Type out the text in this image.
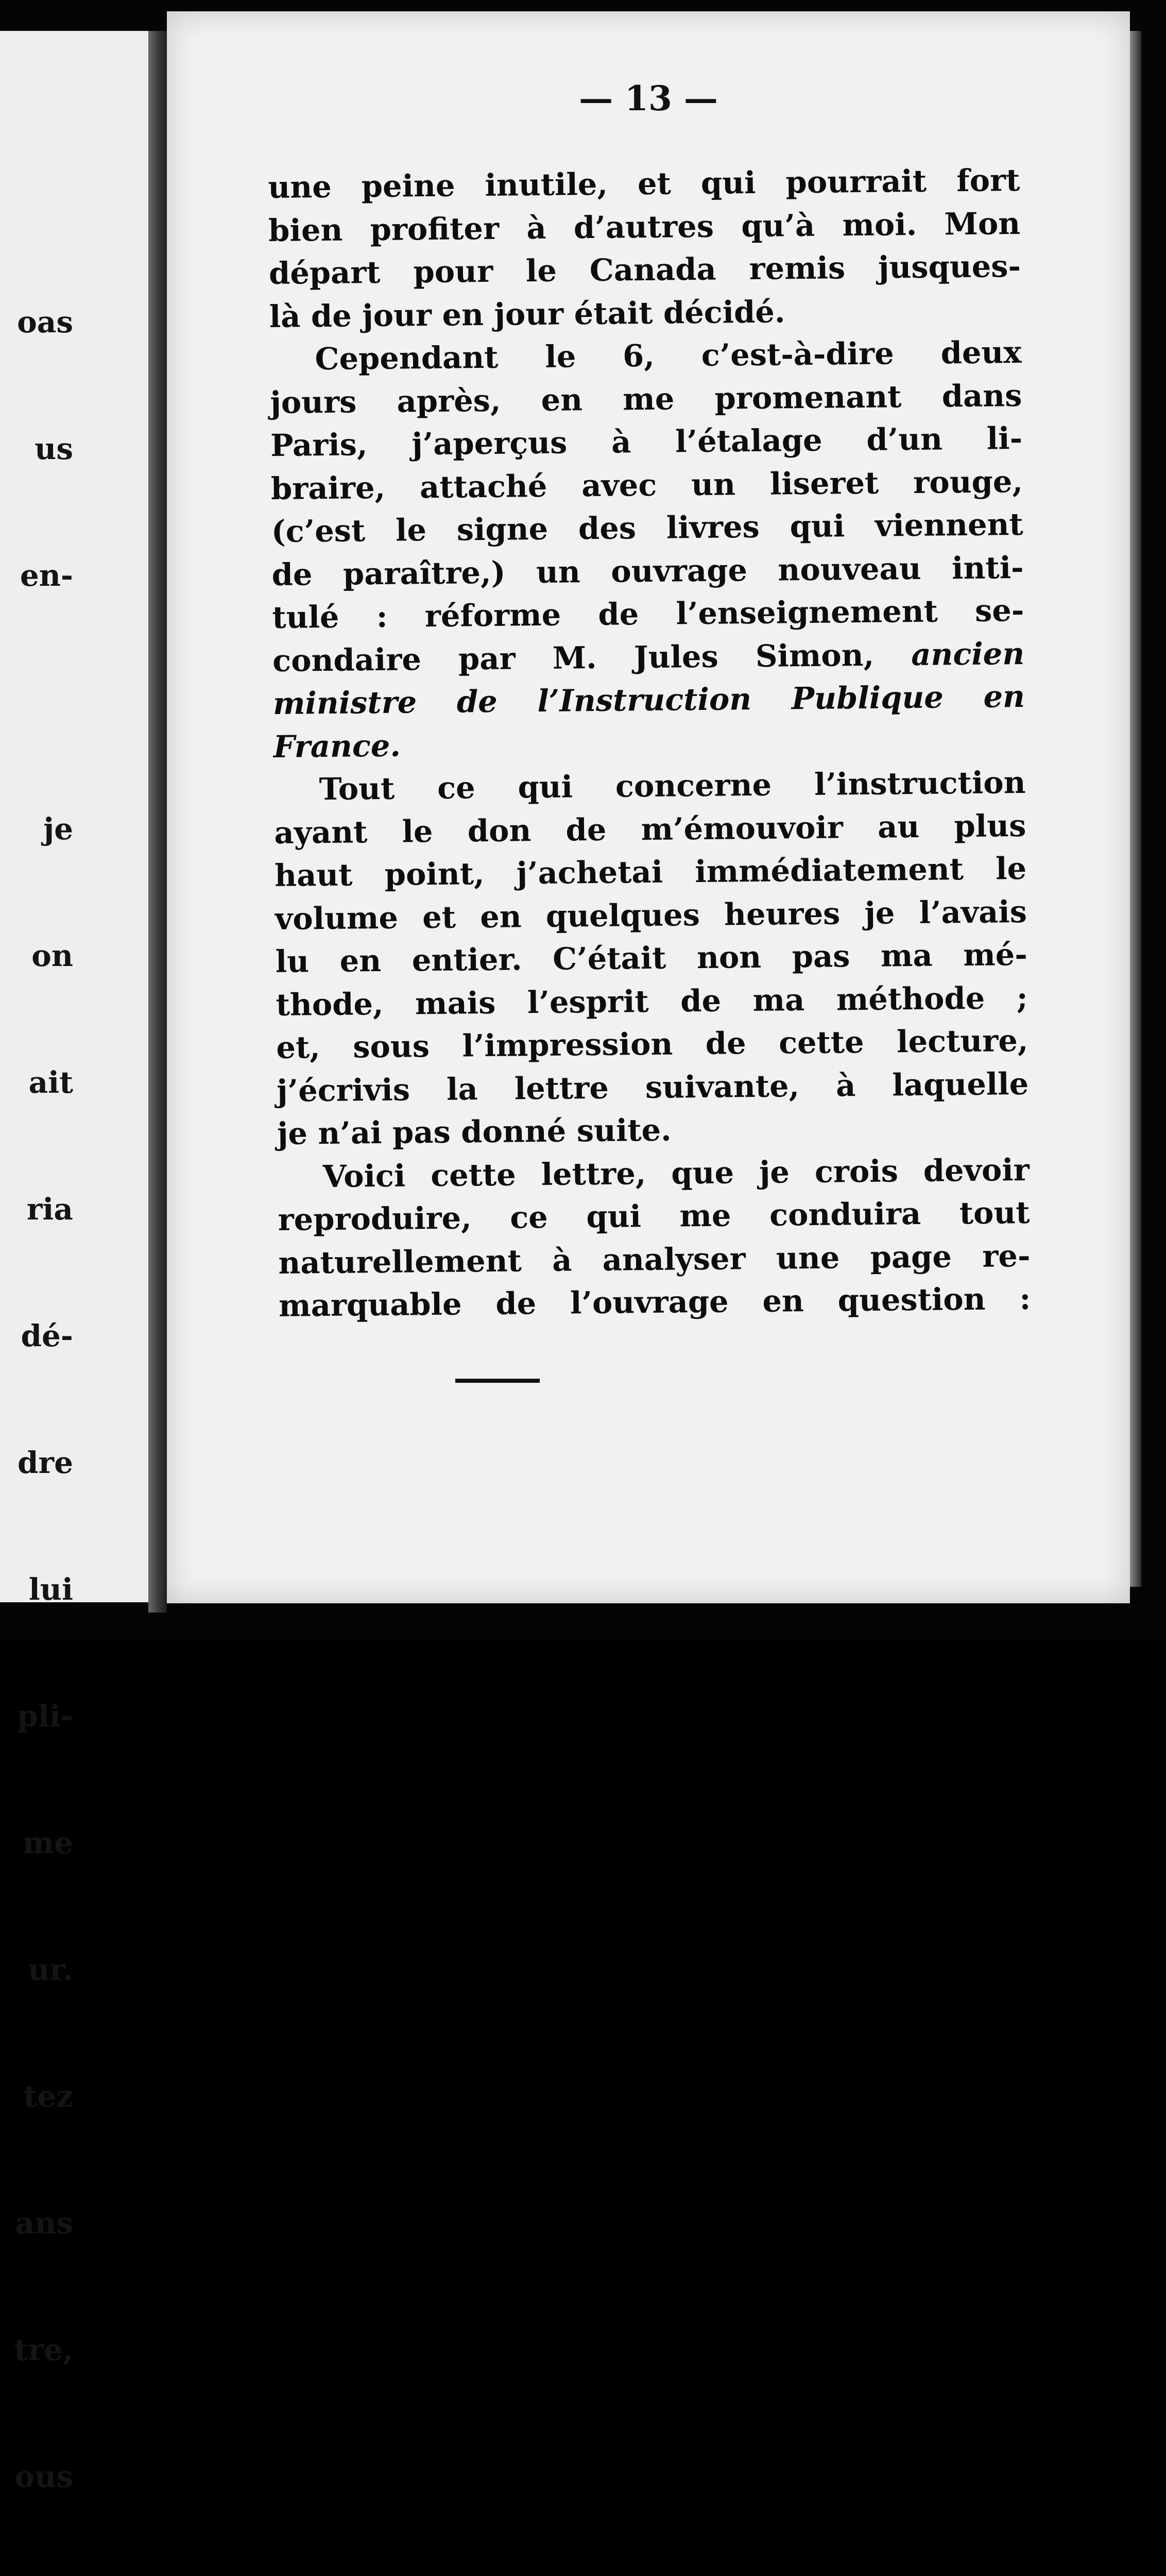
oas

us

en-

je

on

ait

ria

dé-

dre

lui

pli-

me

ur.

tez

ans

tre,

ous

— 13 —
une peine inutile, et qui pourrait fort
bien profiter à d’autres qu’à moi. Mon
départ pour le Canada remis jusques-
là de jour en jour était décidé.
Cependant le 6, c’est-à-dire deux
jours après, en me promenant dans
Paris, j’aperçus à l’étalage d’un li-
braire, attaché avec un liseret rouge,
(c’est le signe des livres qui viennent
de paraître,) un ouvrage nouveau inti-
tulé : réforme de l’enseignement se-
condaire par M. Jules Simon, ancien
ministre de l’Instruction Publique en
France.
Tout ce qui concerne l’instruction
ayant le don de m’émouvoir au plus
haut point, j’achetai immédiatement le
volume et en quelques heures je l’avais
lu en entier. C’était non pas ma mé-
thode, mais l’esprit de ma méthode ;
et, sous l’impression de cette lecture,
j’écrivis la lettre suivante, à laquelle
je n’ai pas donné suite.
Voici cette lettre, que je crois devoir
reproduire, ce qui me conduira tout
naturellement à analyser une page re-
marquable de l’ouvrage en question :
